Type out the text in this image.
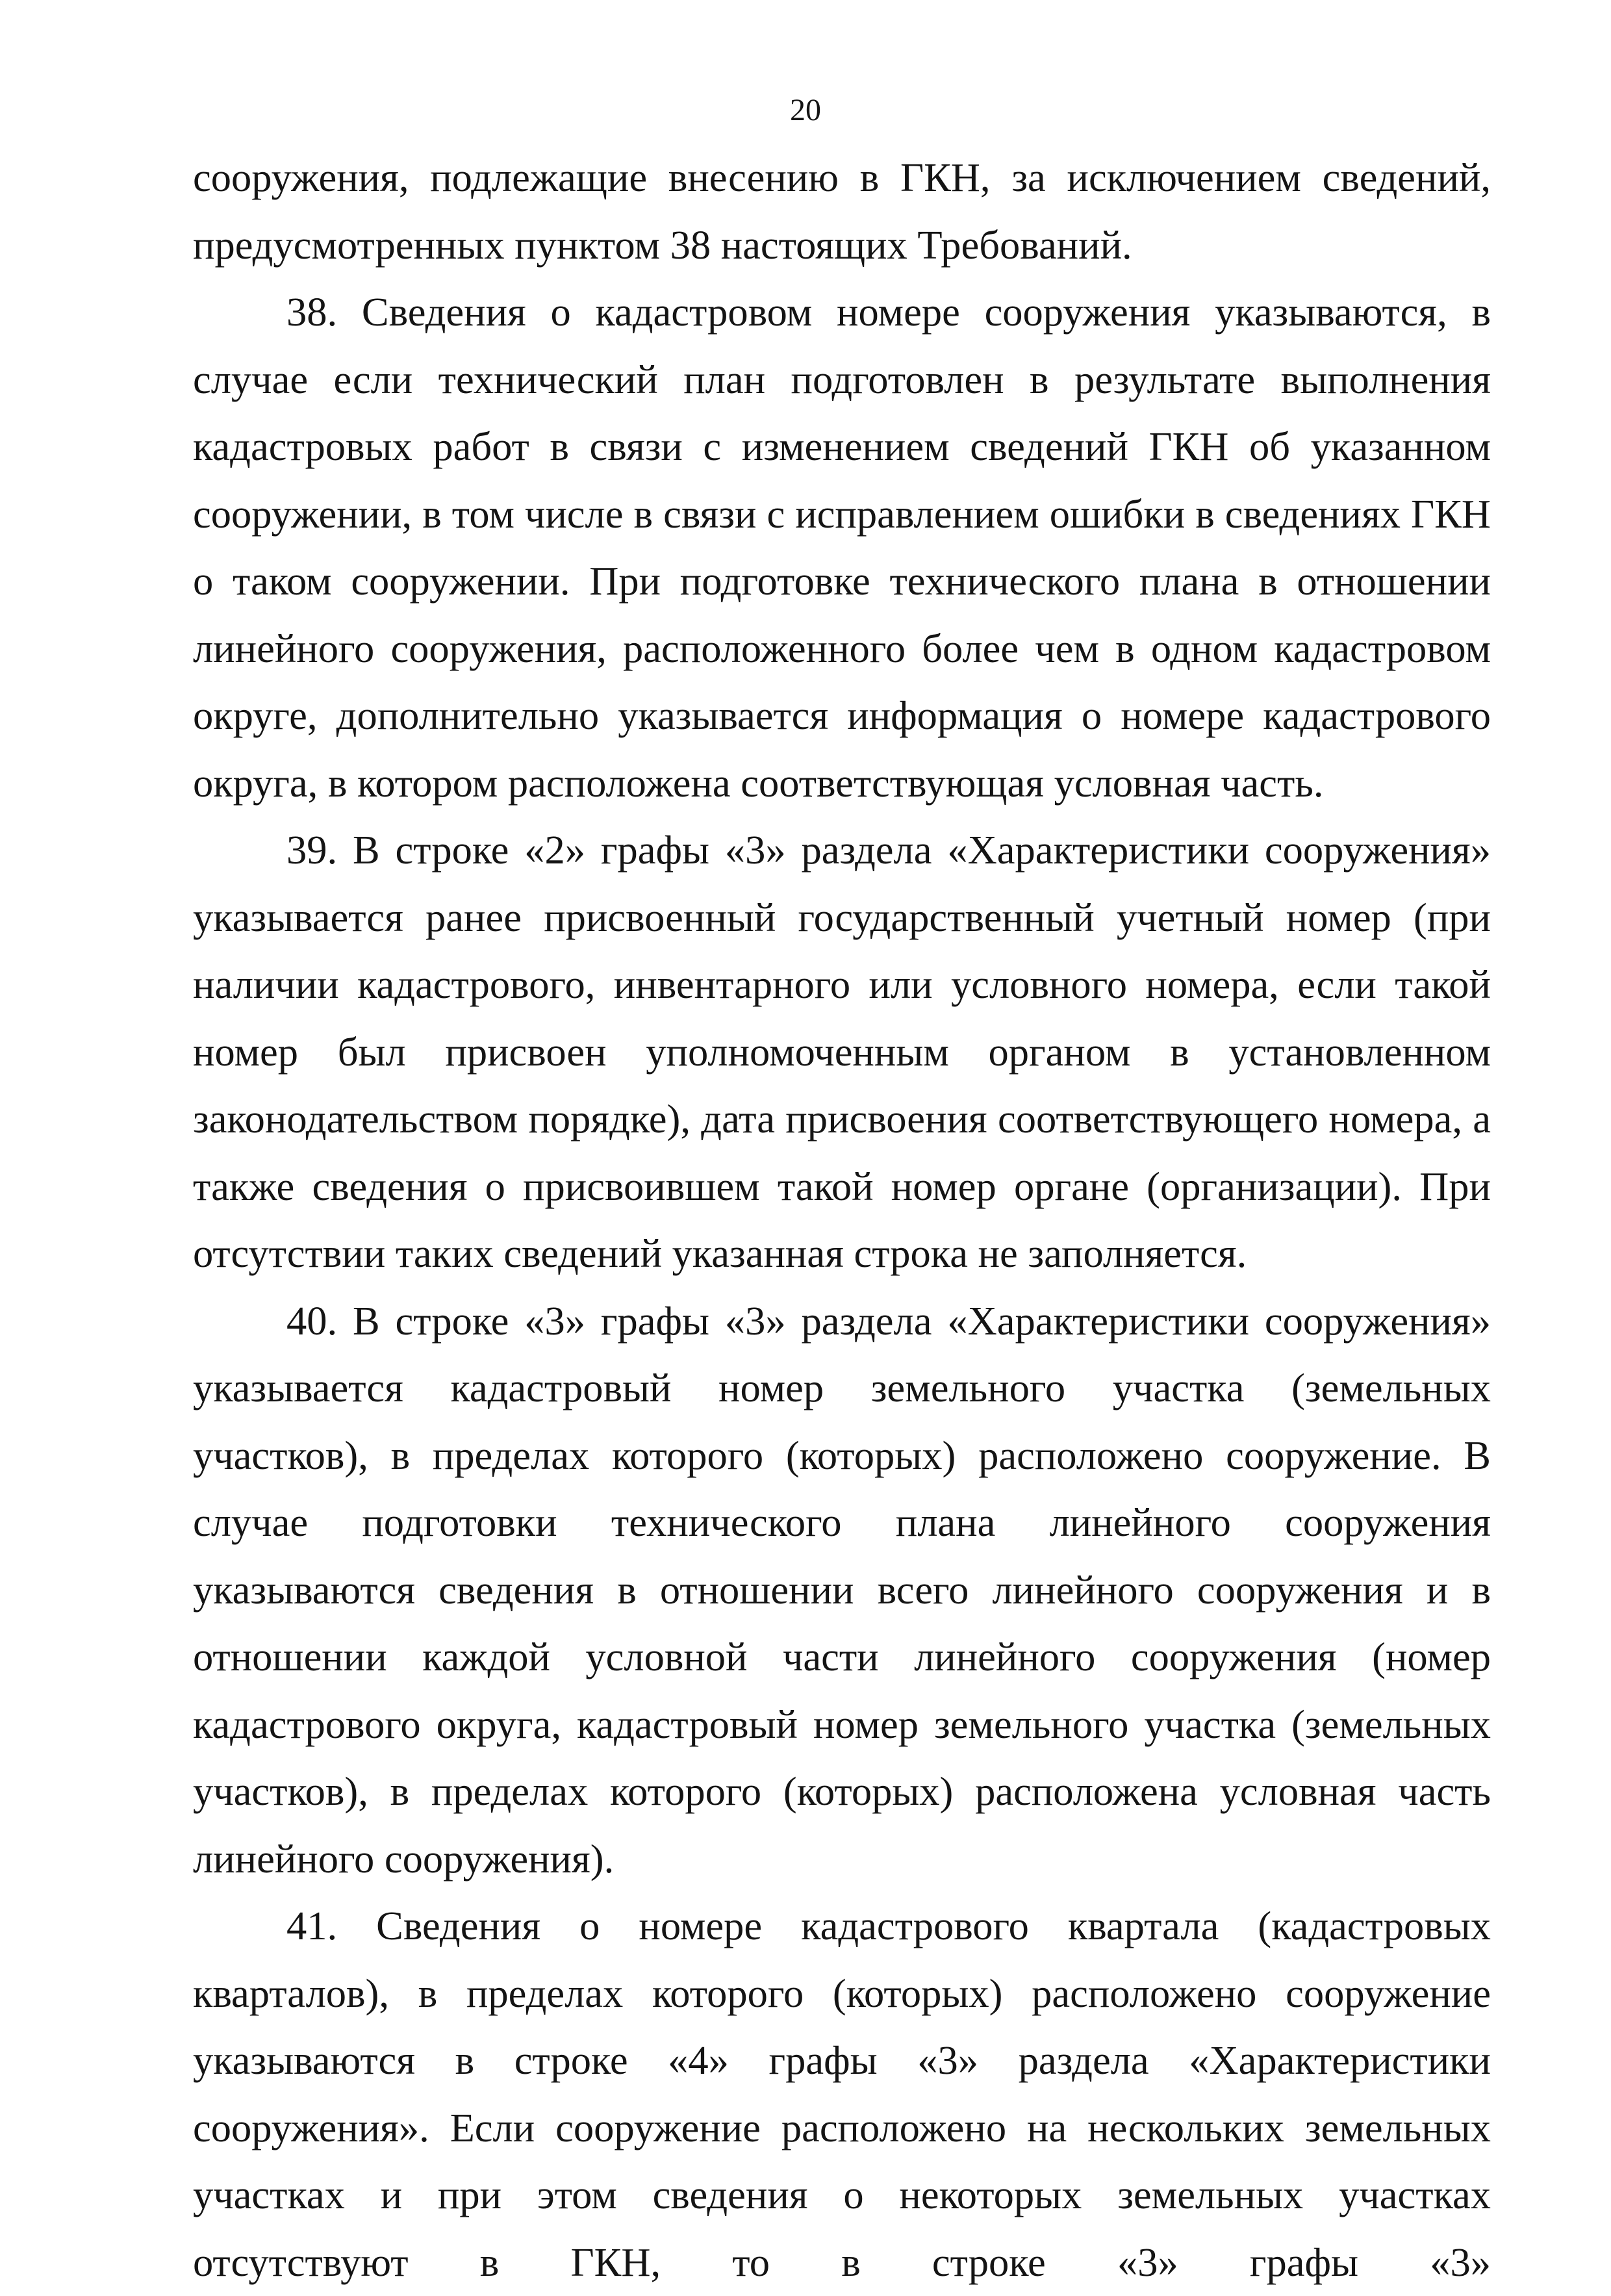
20

сооружения, подлежащие внесению в ГКН, за исключением сведений, предусмотренных пунктом 38 настоящих Требований.

38. Сведения о кадастровом номере сооружения указываются, в случае если технический план подготовлен в результате выполнения кадастровых работ в связи с изменением сведений ГКН об указанном сооружении, в том числе в связи с исправлением ошибки в сведениях ГКН о таком сооружении. При подготовке технического плана в отношении линейного сооружения, расположенного более чем в одном кадастровом округе, дополнительно указывается информация о номере кадастрового округа, в котором расположена соответствующая условная часть.

39. В строке «2» графы «3» раздела «Характеристики сооружения» указывается ранее присвоенный государственный учетный номер (при наличии кадастрового, инвентарного или условного номера, если такой номер был присвоен уполномоченным органом в установленном законодательством порядке), дата присвоения соответствующего номера, а также сведения о присвоившем такой номер органе (организации). При отсутствии таких сведений указанная строка не заполняется.

40. В строке «3» графы «3» раздела «Характеристики сооружения» указывается кадастровый номер земельного участка (земельных участков), в пределах которого (которых) расположено сооружение. В случае подготовки технического плана линейного сооружения указываются сведения в отношении всего линейного сооружения и в отношении каждой условной части линейного сооружения (номер кадастрового округа, кадастровый номер земельного участка (земельных участков), в пределах которого (которых) расположена условная часть линейного сооружения).

41. Сведения о номере кадастрового квартала (кадастровых кварталов), в пределах которого (которых) расположено сооружение указываются в строке «4» графы «3» раздела «Характеристики сооружения». Если сооружение расположено на нескольких земельных участках и при этом сведения о некоторых земельных участках отсутствуют в ГКН, то в строке «3» графы «3»
